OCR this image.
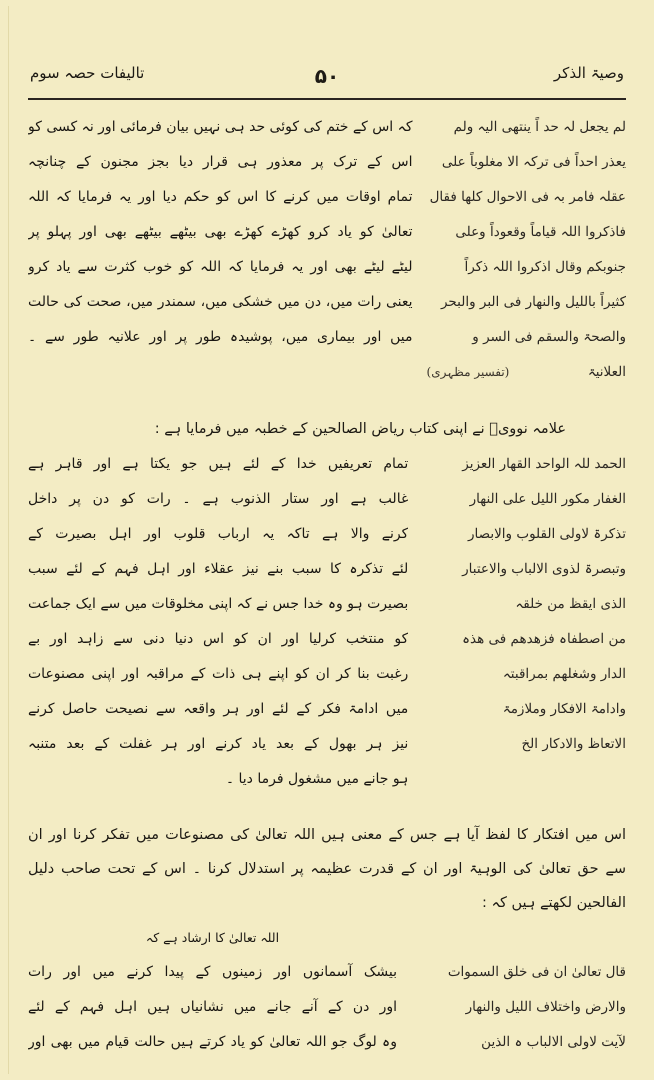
تالیفات حصہ سوم	۵۰	وصیۃ الذکر
لم یجعل لہ حد اً ینتھی الیہ ولم
یعذر احداً فی ترکہ الا مغلوباً علی
عقلہ فامر بہ فی الاحوال کلھا فقال
فاذکروا اللہ قیاماً وقعوداً وعلی
جنوبکم وقال اذکروا اللہ ذکراً
کثیراً باللیل والنھار فی البر والبحر
والصحۃ والسقم فی السر و
العلانیۃ
(تفسیر مظہری)
کہ اس کے ختم کی کوئی حد ہی نہیں بیان فرمائی اور نہ کسی کو
اس کے ترک پر معذور ہی قرار دیا بجز مجنون کے چنانچہ
تمام اوقات میں کرنے کا اس کو حکم دیا اور یہ فرمایا کہ اللہ
تعالیٰ کو یاد کرو کھڑے کھڑے بھی بیٹھے بیٹھے بھی اور پہلو پر
لیٹے لیٹے بھی اور یہ فرمایا کہ اللہ کو خوب کثرت سے یاد کرو
یعنی رات میں، دن میں خشکی میں، سمندر میں، صحت کی حالت
میں اور بیماری میں، پوشیدہ طور پر اور علانیہ طور سے ۔
علامہ نوویؒ نے اپنی کتاب ریاض الصالحین کے خطبہ میں فرمایا ہے :
الحمد للہ الواحد القھار العزیز
الغفار مکور اللیل علی النھار
تذکرۃ لاولی القلوب والابصار
وتبصرۃ لذوی الالباب والاعتبار
الذی ایقظ من خلقہ
من اصطفاہ فزھدھم فی ھذہ
الدار وشغلھم بمراقبتہ
وادامۃ الافکار وملازمۃ
الاتعاظ والادکار الخ
تمام تعریفیں خدا کے لئے ہیں جو یکتا ہے اور قاہر ہے
غالب ہے اور ستار الذنوب ہے ۔ رات کو دن پر داخل
کرنے والا ہے تاکہ یہ ارباب قلوب اور اہل بصیرت کے
لئے تذکرہ کا سبب بنے نیز عقلاء اور اہل فہم کے لئے سبب
بصیرت ہو وہ خدا جس نے کہ اپنی مخلوقات میں سے ایک جماعت
کو منتخب کرلیا اور ان کو اس دنیا دنی سے زاہد اور بے
رغبت بنا کر ان کو اپنے ہی ذات کے مراقبہ اور اپنی مصنوعات
میں ادامۃ فکر کے لئے اور ہر واقعہ سے نصیحت حاصل کرنے
نیز ہر بھول کے بعد یاد کرنے اور ہر غفلت کے بعد متنبہ
ہو جانے میں مشغول فرما دیا ۔
اس میں افتکار کا لفظ آیا ہے جس کے معنی ہیں اللہ تعالیٰ کی مصنوعات میں تفکر کرنا اور ان
سے حق تعالیٰ کی الوہیۃ اور ان کے قدرت عظیمہ پر استدلال کرنا ۔ اس کے تحت صاحب دلیل
الفالحین لکھتے ہیں کہ :
قال تعالیٰ ان فی خلق السموات
والارض واختلاف اللیل والنھار
لآیت لاولی الالباب ہ الذین
اللہ تعالیٰ کا ارشاد ہے کہ
بیشک آسمانوں اور زمینوں کے پیدا کرنے میں اور رات
اور دن کے آنے جانے میں نشانیاں ہیں اہل فہم کے لئے
وہ لوگ جو اللہ تعالیٰ کو یاد کرتے ہیں حالت قیام میں بھی اور
